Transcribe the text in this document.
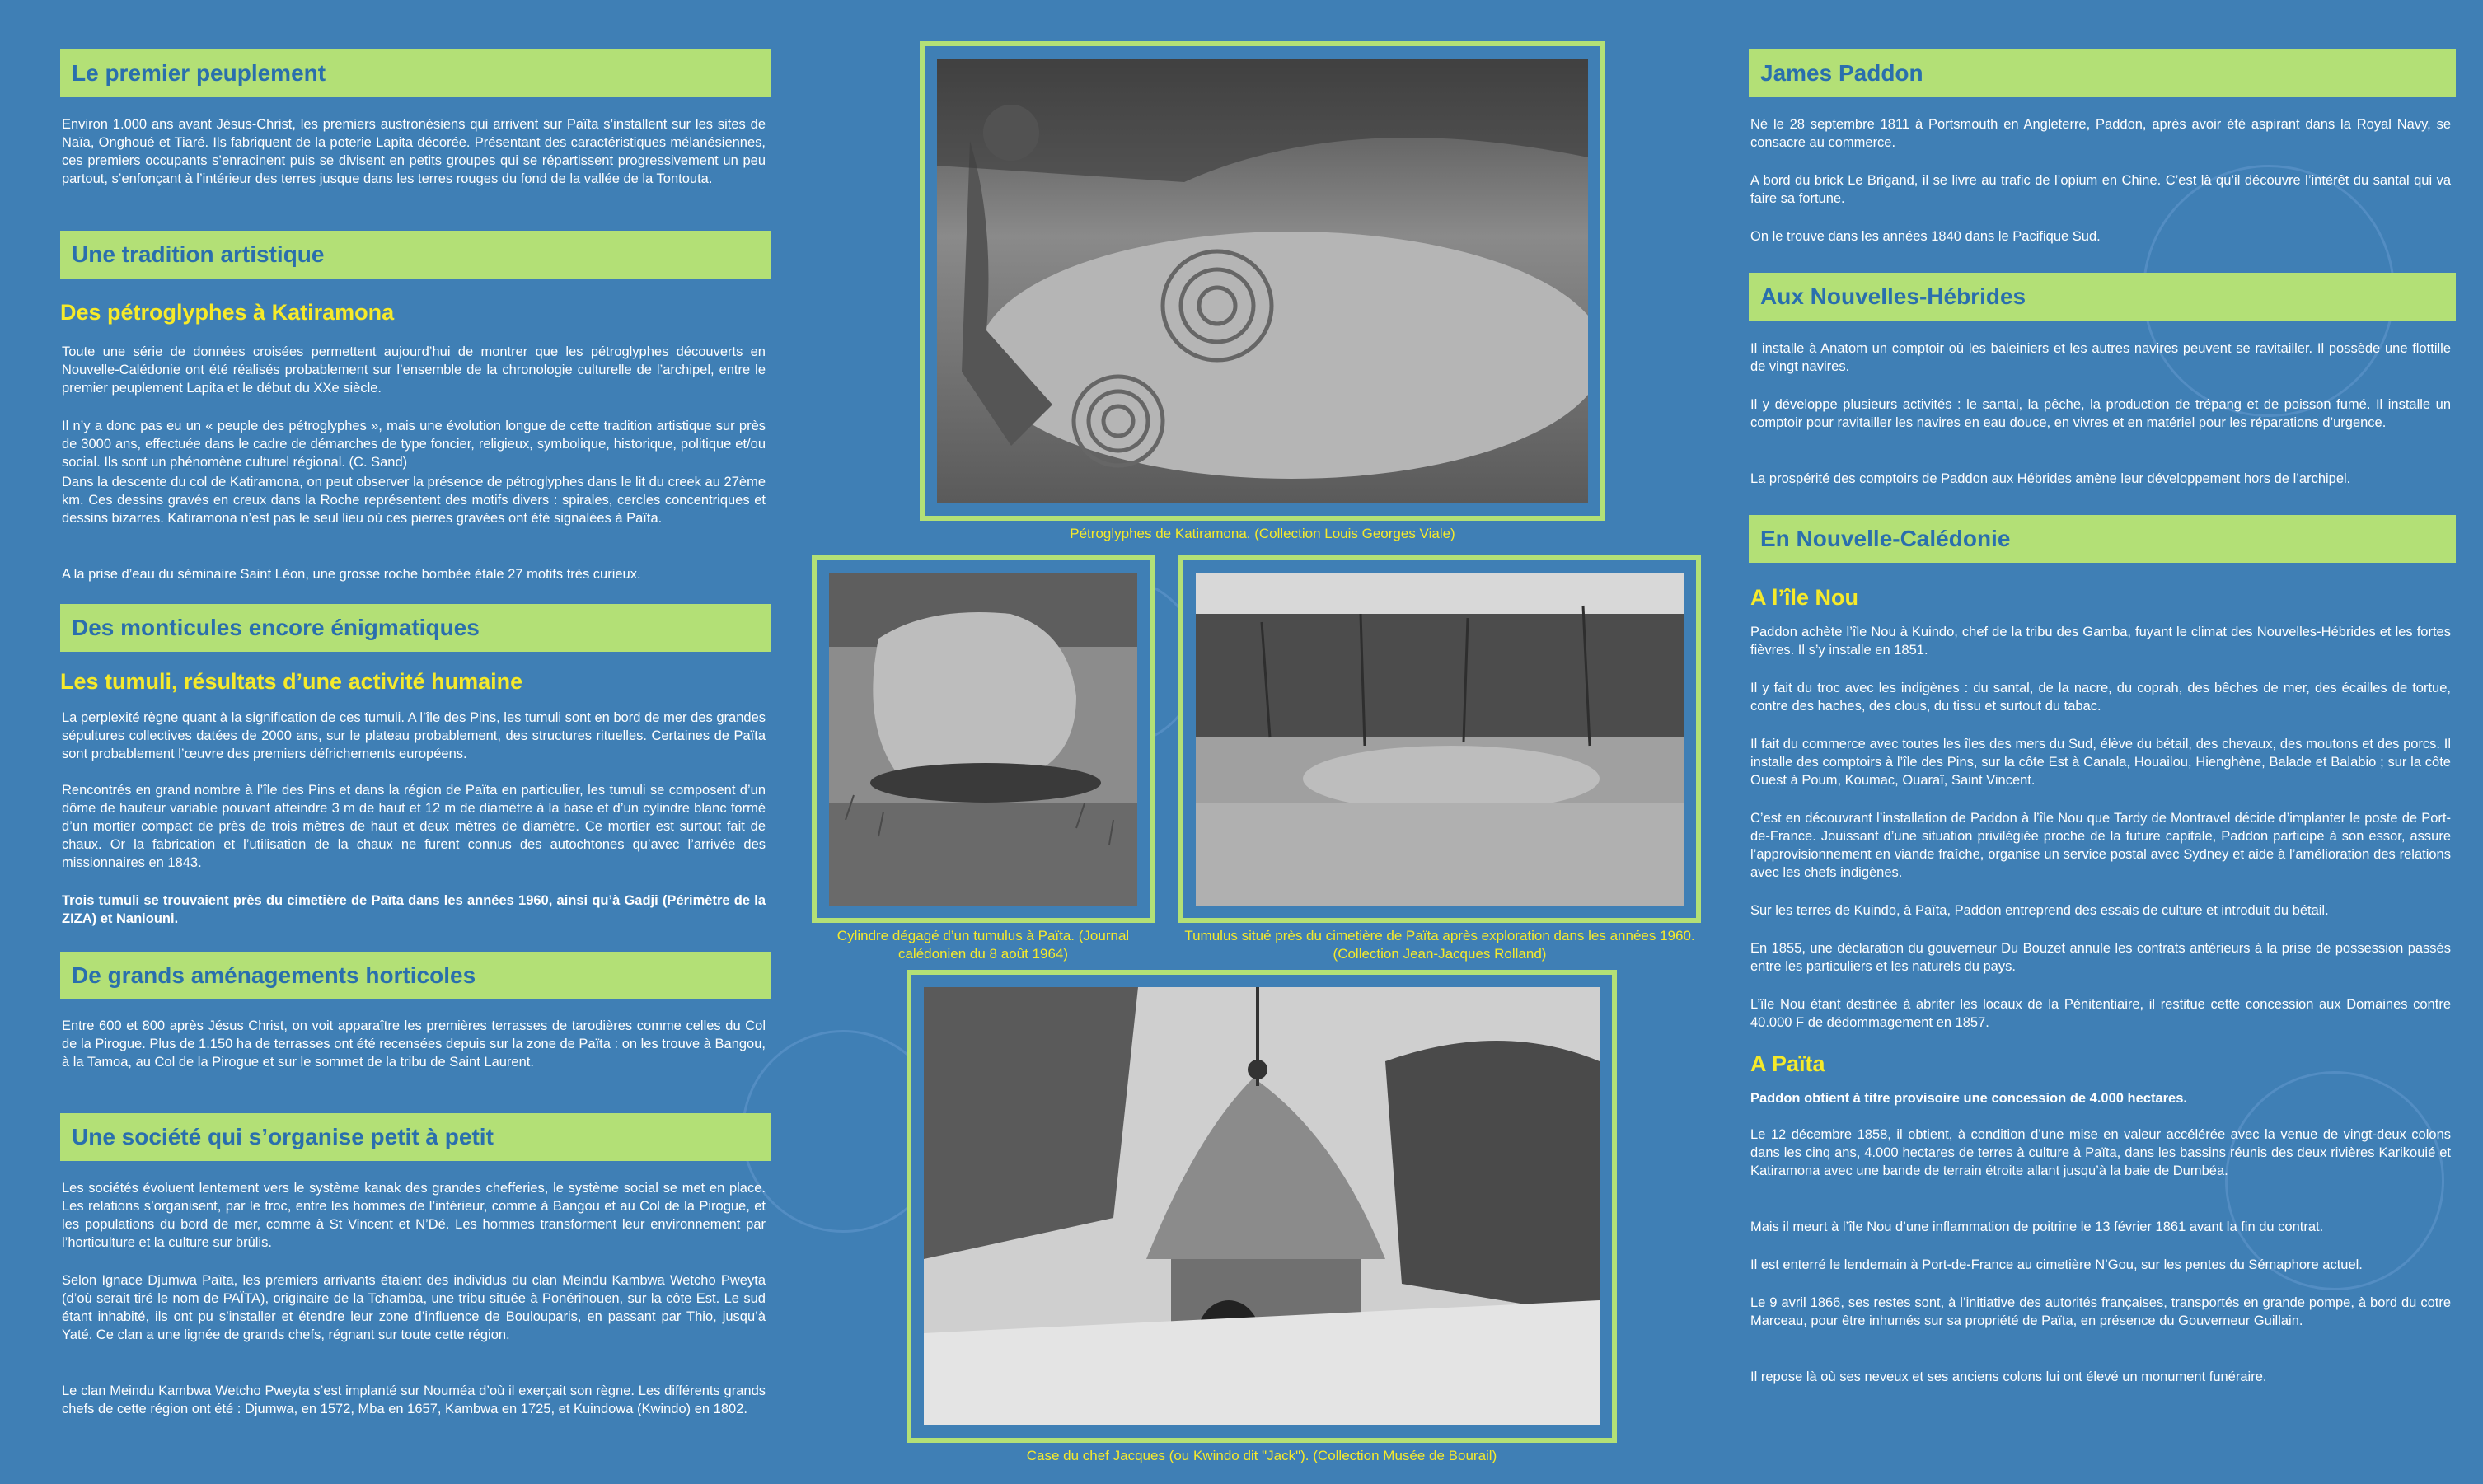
Le premier peuplement
Environ 1.000 ans avant Jésus-Christ, les premiers austronésiens qui arrivent sur Païta s’installent sur les sites de Naïa, Onghoué et Tiaré. Ils fabriquent de la poterie Lapita décorée. Présentant des caractéristiques mélanésiennes, ces premiers occupants s’enracinent puis se divisent en petits groupes qui se répartissent progressivement un peu partout, s’enfonçant à l’intérieur des terres jusque dans les terres rouges du fond de la vallée de la Tontouta.
Une tradition artistique
Des pétroglyphes à Katiramona
Toute une série de données croisées permettent aujourd’hui de montrer que les pétroglyphes découverts en Nouvelle-Calédonie ont été réalisés probablement sur l’ensemble de la chronologie culturelle de l’archipel, entre le premier peuplement Lapita et le début du XXe siècle.
Il n’y a donc pas eu un « peuple des pétroglyphes », mais une évolution longue de cette tradition artistique sur près de 3000 ans, effectuée dans le cadre de démarches de type foncier, religieux, symbolique, historique, politique et/ou social. Ils sont un phénomène culturel régional. (C. Sand)
Dans la descente du col de Katiramona, on peut observer la présence de pétroglyphes dans le lit du creek au 27ème km. Ces dessins gravés en creux dans la Roche représentent des motifs divers : spirales, cercles concentriques et dessins bizarres. Katiramona n’est pas le seul lieu où ces pierres gravées ont été signalées à Païta.
A la prise d’eau du séminaire Saint Léon, une grosse roche bombée étale 27 motifs très curieux.
Des monticules encore énigmatiques
Les tumuli, résultats d’une activité humaine
La perplexité règne quant à la signification de ces tumuli. A l’île des Pins, les tumuli sont en bord de mer des grandes sépultures collectives datées de 2000 ans, sur le plateau probablement, des structures rituelles. Certaines de Païta sont probablement l’œuvre des premiers défrichements européens.
Rencontrés en grand nombre à l’île des Pins et dans la région de Païta en particulier, les tumuli se composent d’un dôme de hauteur variable pouvant atteindre 3 m de haut et 12 m de diamètre à la base et d’un cylindre blanc formé d’un mortier compact de près de trois mètres de haut et deux mètres de diamètre. Ce mortier est surtout fait de chaux. Or la fabrication et l’utilisation de la chaux ne furent connus des autochtones qu’avec l’arrivée des missionnaires en 1843.
Trois tumuli se trouvaient près du cimetière de Païta dans les années 1960, ainsi qu’à Gadji (Périmètre de la ZIZA) et Naniouni.
De grands aménagements horticoles
Entre 600 et 800 après Jésus Christ, on voit apparaître les premières terrasses de tarodières comme celles du Col de la Pirogue. Plus de 1.150 ha de terrasses ont été recensées depuis sur la zone de Païta : on les trouve à Bangou, à la Tamoa, au Col de la Pirogue et sur le sommet de la tribu de Saint Laurent.
Une société qui s’organise petit à petit
Les sociétés évoluent lentement vers le système kanak des grandes chefferies, le système social se met en place. Les relations s’organisent, par le troc, entre les hommes de l’intérieur, comme à Bangou et au Col de la Pirogue, et les populations du bord de mer, comme à St Vincent et N’Dé. Les hommes transforment leur environnement par l’horticulture et la culture sur brûlis.
Selon Ignace Djumwa Païta, les premiers arrivants étaient des individus du clan Meindu Kambwa Wetcho Pweyta (d’où serait tiré le nom de PAÏTA), originaire de la Tchamba, une tribu située à Ponérihouen, sur la côte Est. Le sud étant inhabité, ils ont pu s’installer et étendre leur zone d’influence de Boulouparis, en passant par Thio, jusqu’à Yaté. Ce clan a une lignée de grands chefs, régnant sur toute cette région.
Le clan Meindu Kambwa Wetcho Pweyta s’est implanté sur Nouméa d’où il exerçait son règne. Les différents grands chefs de cette région ont été : Djumwa, en 1572, Mba en 1657, Kambwa en 1725, et Kuindowa (Kwindo) en 1802.
Pétroglyphes de Katiramona. (Collection Louis Georges Viale)
Cylindre dégagé d’un tumulus à Païta. (Journal calédonien du 8 août 1964)
Tumulus situé près du cimetière de Païta après exploration dans les années 1960. (Collection Jean-Jacques Rolland)
Case du chef Jacques (ou Kwindo dit "Jack"). (Collection Musée de Bourail)
James Paddon
Né le 28 septembre 1811 à Portsmouth en Angleterre, Paddon, après avoir été aspirant dans la Royal Navy, se consacre au commerce.
A bord du brick Le Brigand, il se livre au trafic de l’opium en Chine. C’est là qu’il découvre l’intérêt du santal qui va faire sa fortune.
On le trouve dans les années 1840 dans le Pacifique Sud.
Aux Nouvelles-Hébrides
Il installe à Anatom un comptoir où les baleiniers et les autres navires peuvent se ravitailler. Il possède une flottille de vingt navires.
Il y développe plusieurs activités : le santal, la pêche, la production de trépang et de poisson fumé. Il installe un comptoir pour ravitailler les navires en eau douce, en vivres et en matériel pour les réparations d’urgence.
La prospérité des comptoirs de Paddon aux Hébrides amène leur développement hors de l’archipel.
En Nouvelle-Calédonie
A l’île Nou
Paddon achète l’île Nou à Kuindo, chef de la tribu des Gamba, fuyant le climat des Nouvelles-Hébrides et les fortes fièvres. Il s’y installe en 1851.
Il y fait du troc avec les indigènes : du santal, de la nacre, du coprah, des bêches de mer, des écailles de tortue, contre des haches, des clous, du tissu et surtout du tabac.
Il fait du commerce avec toutes les îles des mers du Sud, élève du bétail, des chevaux, des moutons et des porcs. Il installe des comptoirs à l’île des Pins, sur la côte Est à Canala, Houailou, Hienghène, Balade et Balabio ; sur la côte Ouest à Poum, Koumac, Ouaraï, Saint Vincent.
C’est en découvrant l’installation de Paddon à l’île Nou que Tardy de Montravel décide d’implanter le poste de Port-de-France. Jouissant d’une situation privilégiée proche de la future capitale, Paddon participe à son essor, assure l’approvisionnement en viande fraîche, organise un service postal avec Sydney et aide à l’amélioration des relations avec les chefs indigènes.
Sur les terres de Kuindo, à Païta, Paddon entreprend des essais de culture et introduit du bétail.
En 1855, une déclaration du gouverneur Du Bouzet annule les contrats antérieurs à la prise de possession passés entre les particuliers et les naturels du pays.
L’île Nou étant destinée à abriter les locaux de la Pénitentiaire, il restitue cette concession aux Domaines contre 40.000 F de dédommagement en 1857.
A Païta
Paddon obtient à titre provisoire une concession de 4.000 hectares.
Le 12 décembre 1858, il obtient, à condition d’une mise en valeur accélérée avec la venue de vingt-deux colons dans les cinq ans, 4.000 hectares de terres à culture à Païta, dans les bassins réunis des deux rivières Karikouié et Katiramona avec une bande de terrain étroite allant jusqu’à la baie de Dumbéa.
Mais il meurt à l’île Nou d’une inflammation de poitrine le 13 février 1861 avant la fin du contrat.
Il est enterré le lendemain à Port-de-France au cimetière N’Gou, sur les pentes du Sémaphore actuel.
Le 9 avril 1866, ses restes sont, à l’initiative des autorités françaises, transportés en grande pompe, à bord du cotre Marceau, pour être inhumés sur sa propriété de Païta, en présence du Gouverneur Guillain.
Il repose là où ses neveux et ses anciens colons lui ont élevé un monument funéraire.
